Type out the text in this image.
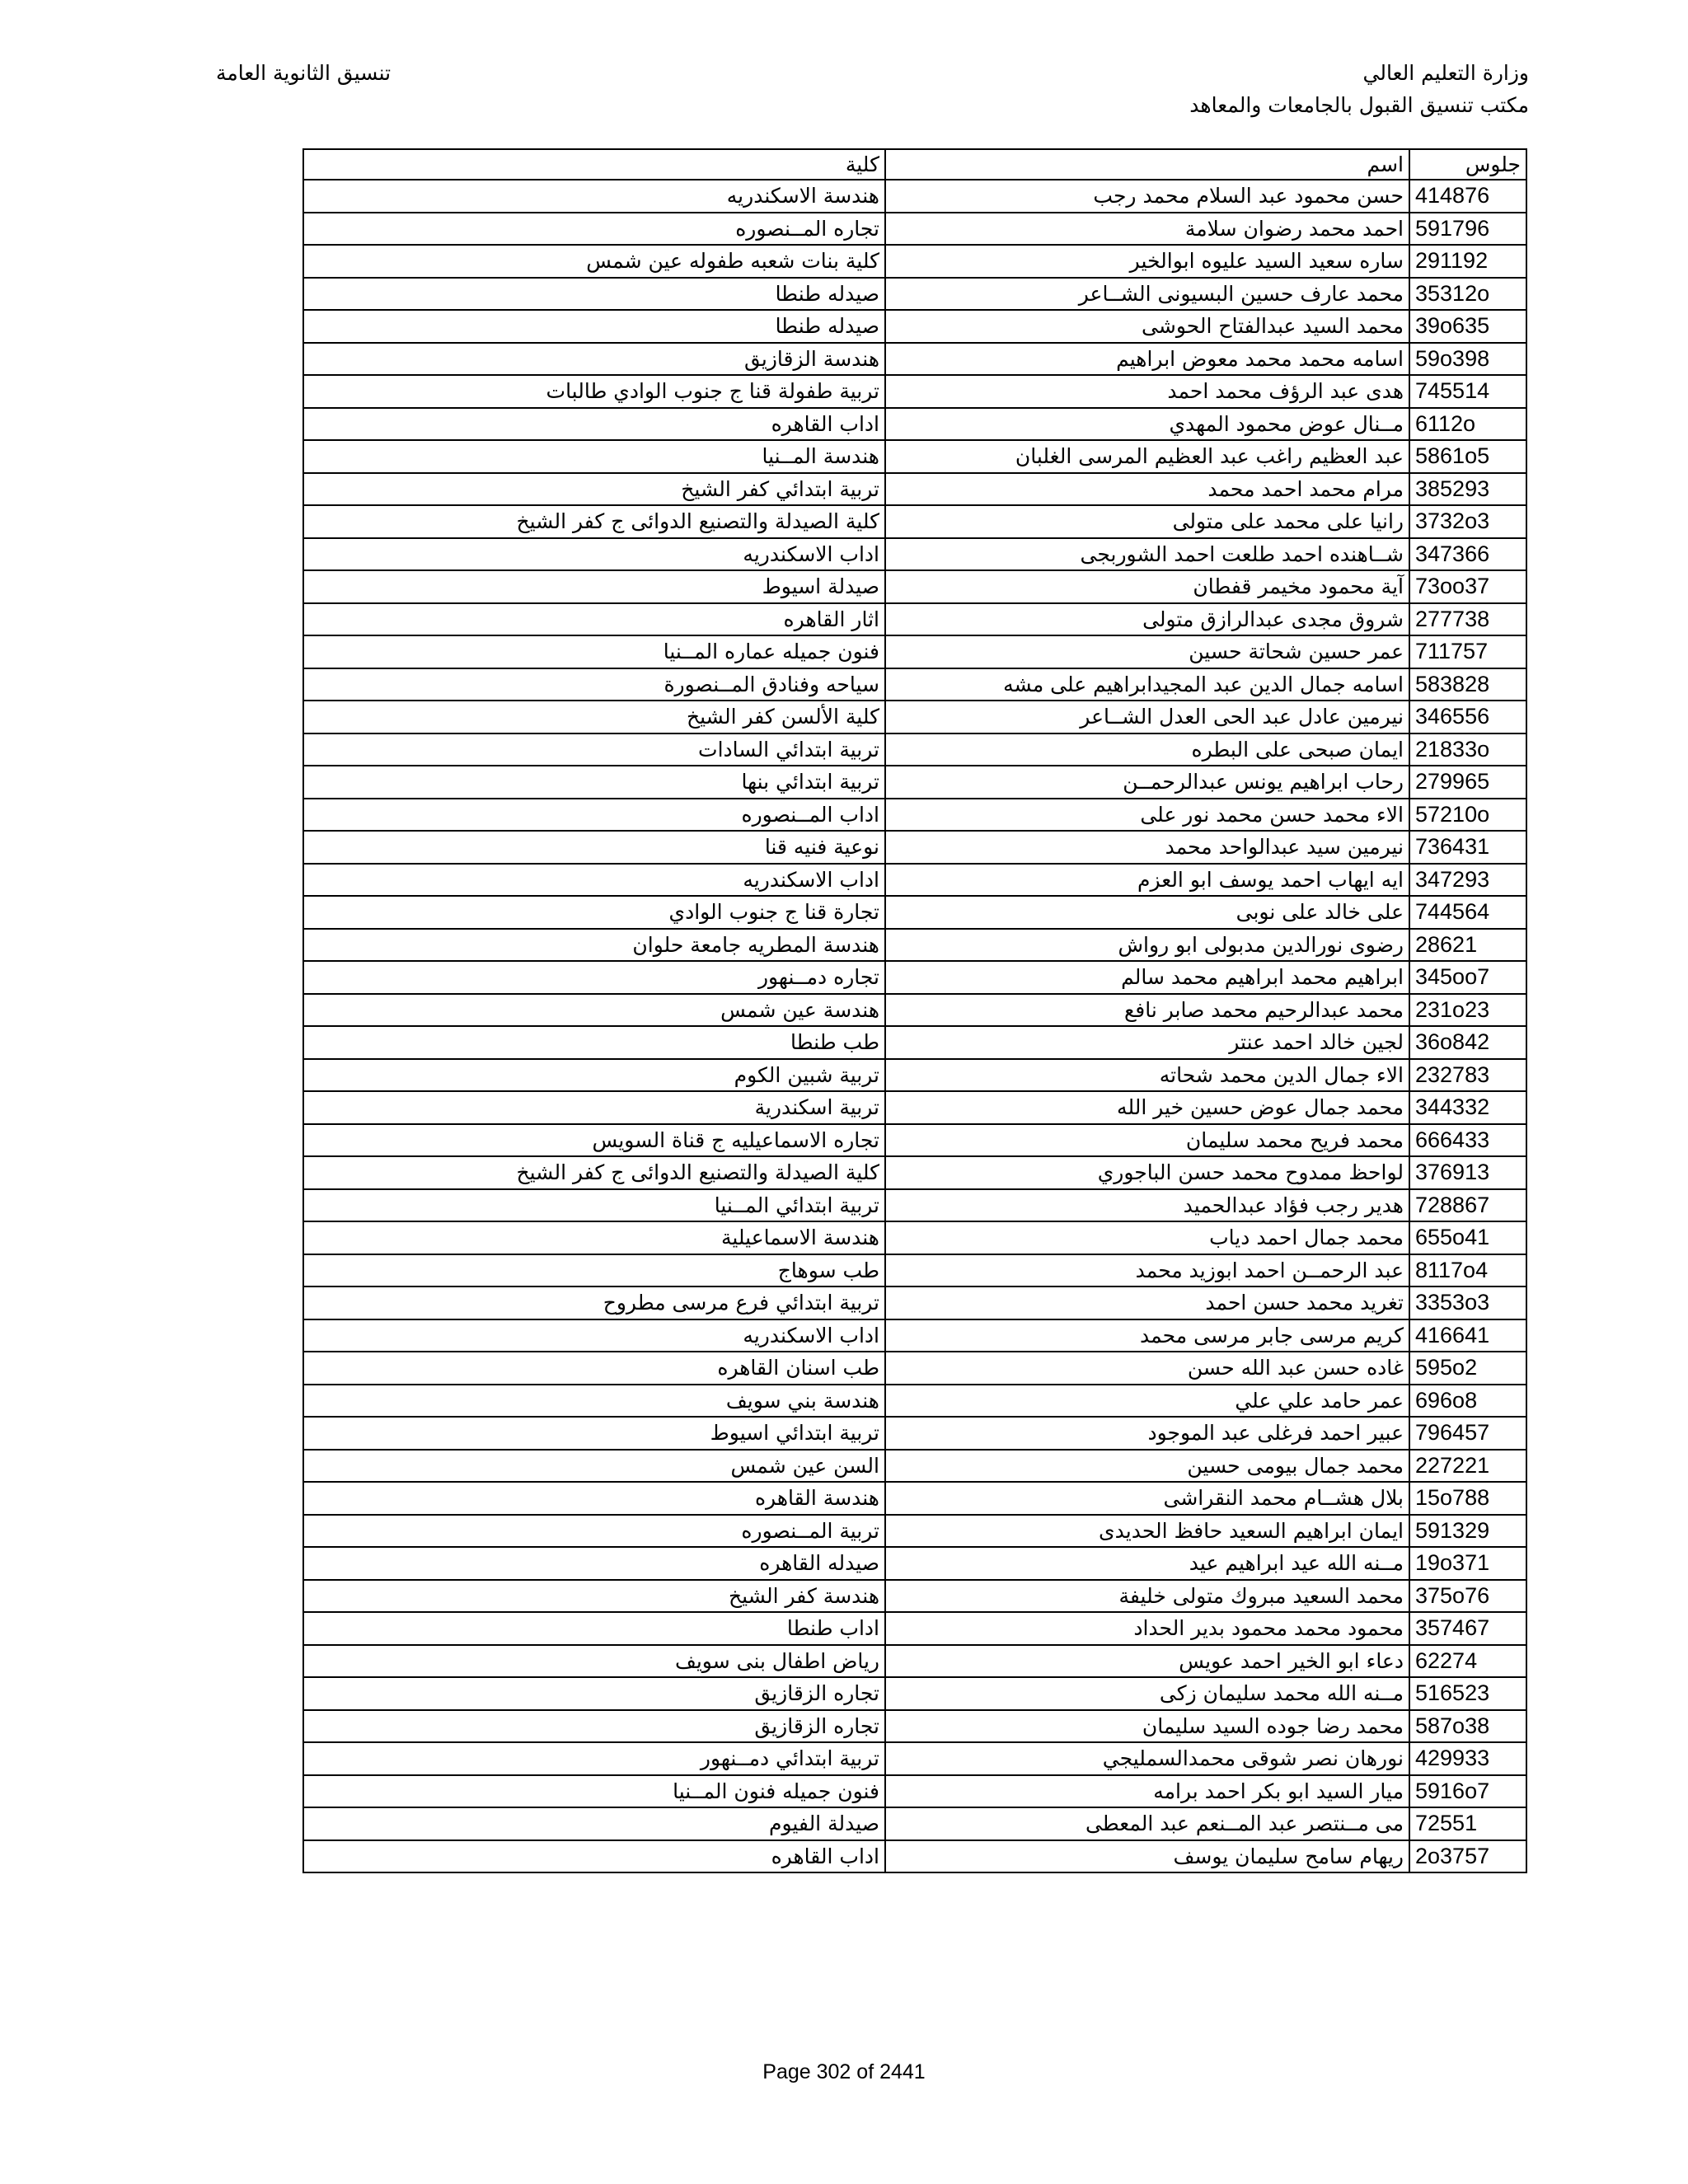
وزارة التعليم العالي
مكتب تنسيق القبول بالجامعات والمعاهد
تنسيق الثانوية العامة
جلوس	اسم	كلية
414876	حسن محمود عبد السلام محمد رجب	هندسة الاسكندريه
591796	احمد محمد رضوان سلامة	تجاره المــنصوره
291192	ساره سعيد السيد عليوه ابوالخير	كلية بنات شعبه طفوله عين شمس
35312o	محمد عارف حسين البسيونى الشــاعر	صيدله طنطا
39o635	محمد السيد عبدالفتاح الحوشى	صيدله طنطا
59o398	اسامه محمد محمد معوض ابراهيم	هندسة الزقازيق
745514	هدى عبد الرؤف محمد احمد	تربية طفولة قنا ج جنوب الوادي طالبات
6112o	مــنال عوض محمود المهدي	اداب القاهره
5861o5	عبد العظيم راغب عبد العظيم المرسى الغلبان	هندسة المــنيا
385293	مرام محمد احمد محمد	تربية ابتدائي كفر الشيخ
3732o3	رانيا على محمد على متولى	كلية الصيدلة والتصنيع الدوائى ج كفر الشيخ
347366	شــاهنده احمد طلعت احمد الشوربجى	اداب الاسكندريه
73oo37	آية محمود مخيمر قفطان	صيدلة اسيوط
277738	شروق مجدى عبدالرازق متولى	اثار القاهره
711757	عمر حسين شحاتة حسين	فنون جميله عماره المــنيا
583828	اسامه جمال الدين عبد المجيدابراهيم على مشه	سياحه وفنادق المــنصورة
346556	نيرمين عادل عبد الحى العدل الشــاعر	كلية الألسن كفر الشيخ
21833o	ايمان صبحى على البطره	تربية ابتدائي السادات
279965	رحاب ابراهيم يونس عبدالرحمــن	تربية ابتدائي بنها
57210o	الاء محمد حسن محمد نور على	اداب المــنصوره
736431	نيرمين سيد عبدالواحد محمد	نوعية فنيه قنا
347293	ايه ايهاب احمد يوسف ابو العزم	اداب الاسكندريه
744564	على خالد على نوبى	تجارة قنا ج جنوب الوادي
28621	رضوى نورالدين مدبولى ابو رواش	هندسة المطريه جامعة حلوان
345oo7	ابراهيم محمد ابراهيم محمد سالم	تجاره دمــنهور
231o23	محمد عبدالرحيم محمد صابر نافع	هندسة عين شمس
36o842	لجين خالد احمد عنتر	طب طنطا
232783	الاء جمال الدين محمد شحاته	تربية شبين الكوم
344332	محمد جمال عوض حسين خير الله	تربية اسكندرية
666433	محمد فريح محمد سليمان	تجاره الاسماعيليه ج قناة السويس
376913	لواحظ ممدوح محمد حسن الباجوري	كلية الصيدلة والتصنيع الدوائى ج كفر الشيخ
728867	هدير رجب فؤاد عبدالحميد	تربية ابتدائي المــنيا
655o41	محمد جمال احمد دياب	هندسة الاسماعيلية
8117o4	عبد الرحمــن احمد ابوزيد محمد	طب سوهاج
3353o3	تغريد محمد حسن احمد	تربية ابتدائي فرع مرسى مطروح
416641	كريم مرسى جابر مرسى محمد	اداب الاسكندريه
595o2	غاده حسن عبد الله حسن	طب اسنان القاهره
696o8	عمر حامد علي علي	هندسة بني سويف
796457	عبير احمد فرغلى عبد الموجود	تربية ابتدائي اسيوط
227221	محمد جمال بيومى حسين	السن عين شمس
15o788	بلال هشــام محمد النقراشى	هندسة القاهره
591329	ايمان ابراهيم السعيد حافظ الحديدى	تربية المــنصوره
19o371	مــنه الله عيد ابراهيم عيد	صيدله القاهره
375o76	محمد السعيد مبروك متولى خليفة	هندسة كفر الشيخ
357467	محمود محمد محمود بدير الحداد	اداب طنطا
62274	دعاء ابو الخير احمد عويس	رياض اطفال بنى سويف
516523	مــنه الله محمد سليمان زكى	تجاره الزقازيق
587o38	محمد رضا جوده السيد سليمان	تجاره الزقازيق
429933	نورهان نصر شوقى محمدالسمليجي	تربية ابتدائي دمــنهور
5916o7	ميار السيد ابو بكر احمد برامه	فنون جميله فنون المــنيا
72551	مى مــنتصر عبد المــنعم عبد المعطى	صيدلة الفيوم
2o3757	ريهام سامح سليمان يوسف	اداب القاهره
Page 302 of 2441
